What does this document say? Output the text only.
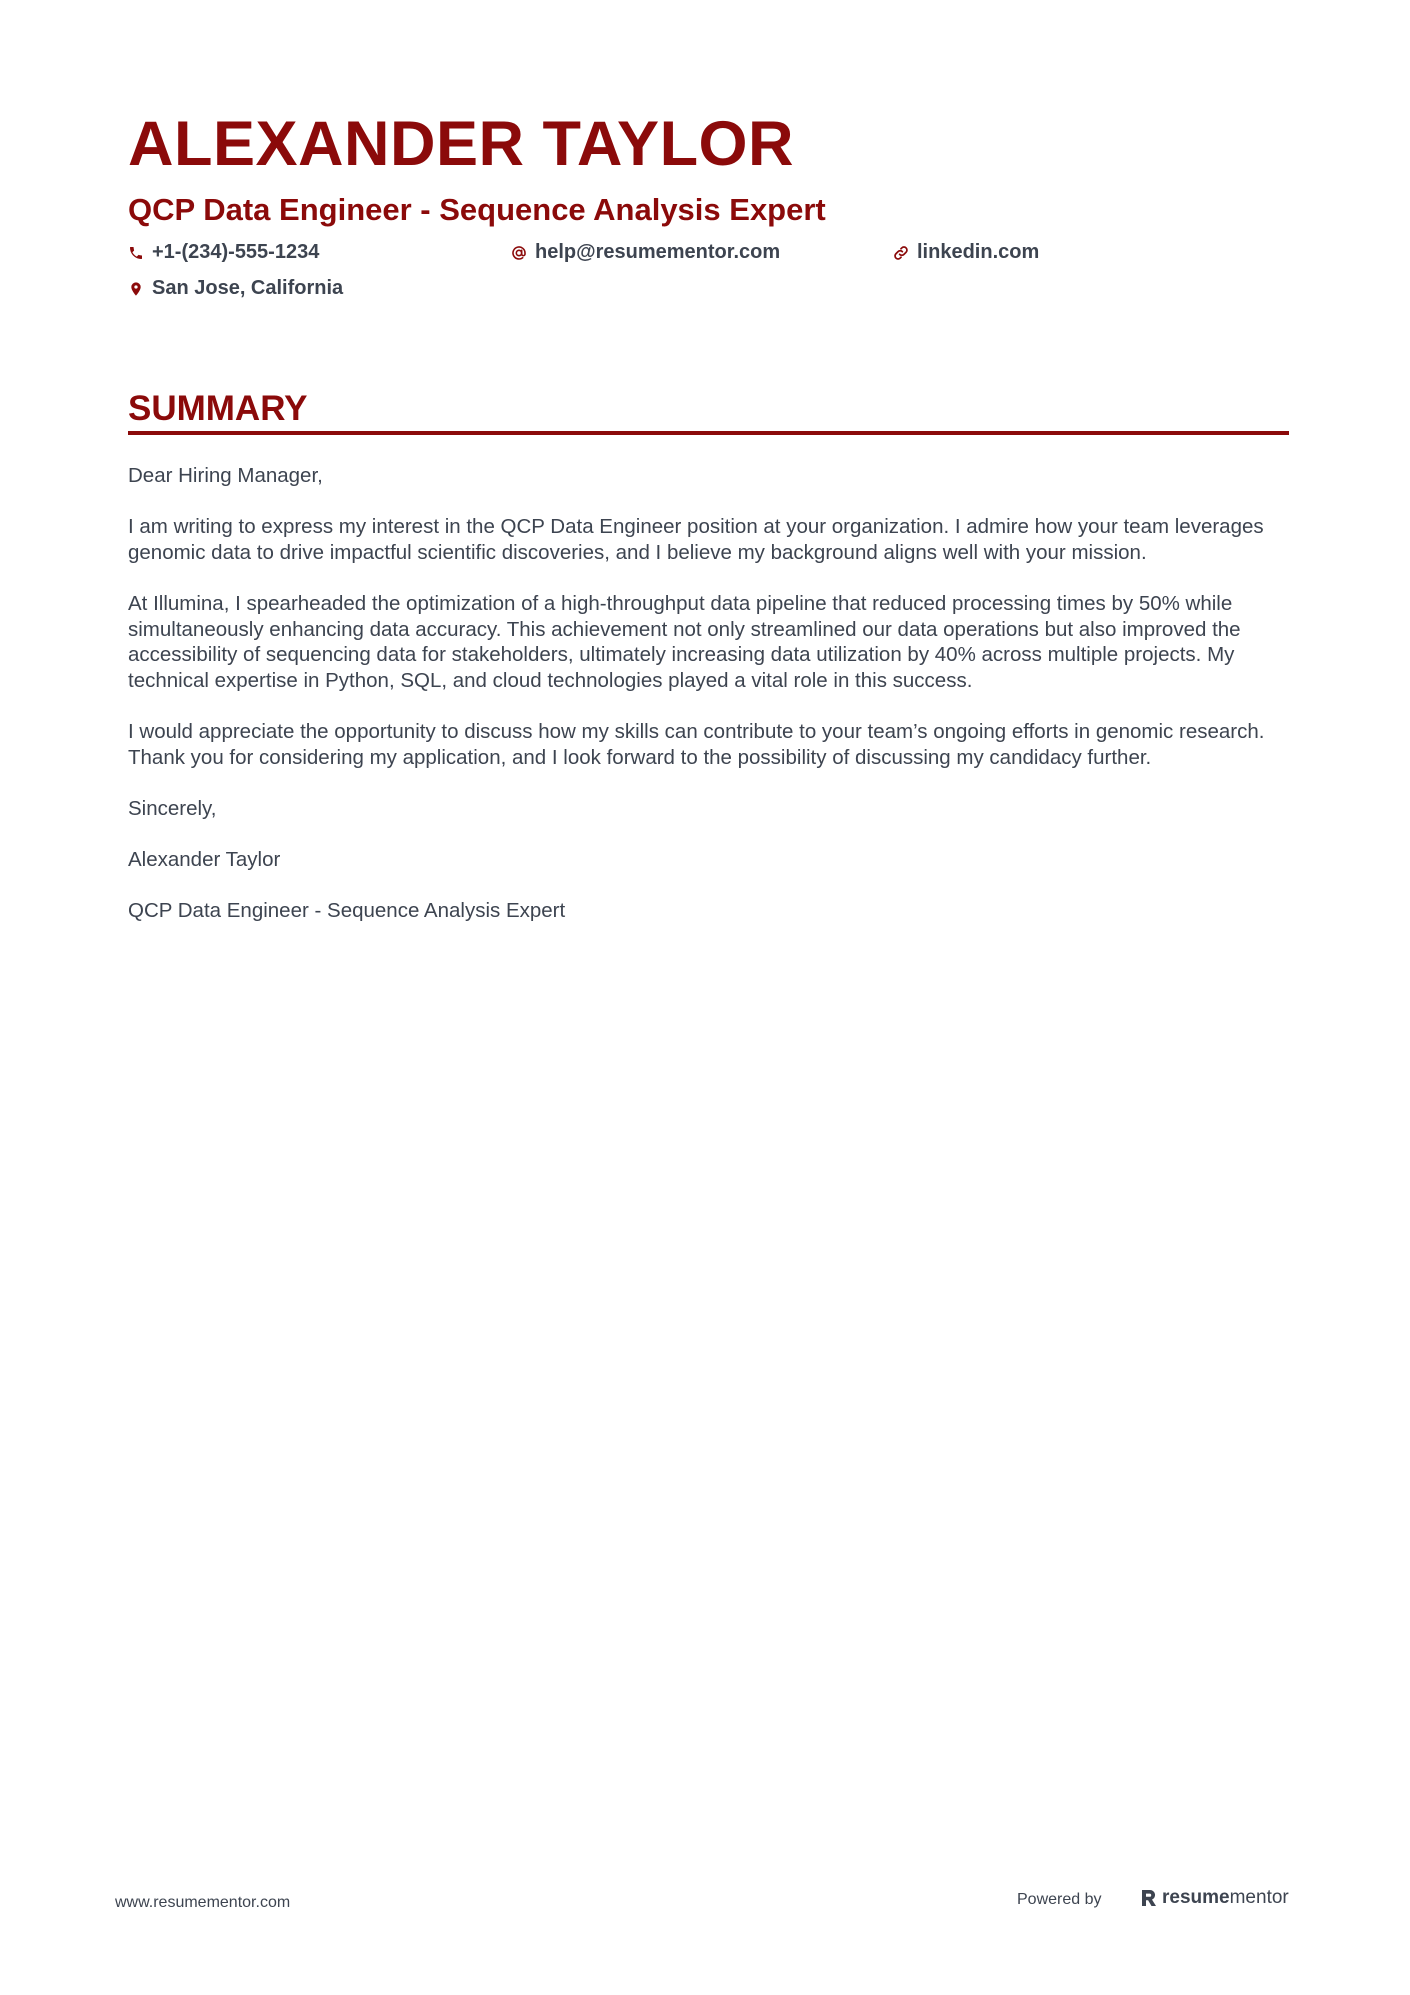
ALEXANDER TAYLOR
QCP Data Engineer - Sequence Analysis Expert
+1-(234)-555-1234	help@resumementor.com	linkedin.com
San Jose, California
SUMMARY

Dear Hiring Manager,

I am writing to express my interest in the QCP Data Engineer position at your organization. I admire how your team leverages genomic data to drive impactful scientific discoveries, and I believe my background aligns well with your mission.

At Illumina, I spearheaded the optimization of a high-throughput data pipeline that reduced processing times by 50% while simultaneously enhancing data accuracy. This achievement not only streamlined our data operations but also improved the accessibility of sequencing data for stakeholders, ultimately increasing data utilization by 40% across multiple projects. My technical expertise in Python, SQL, and cloud technologies played a vital role in this success.

I would appreciate the opportunity to discuss how my skills can contribute to your team’s ongoing efforts in genomic research. Thank you for considering my application, and I look forward to the possibility of discussing my candidacy further.

Sincerely,

Alexander Taylor

QCP Data Engineer - Sequence Analysis Expert

www.resumementor.com	Powered by	resume mentor
